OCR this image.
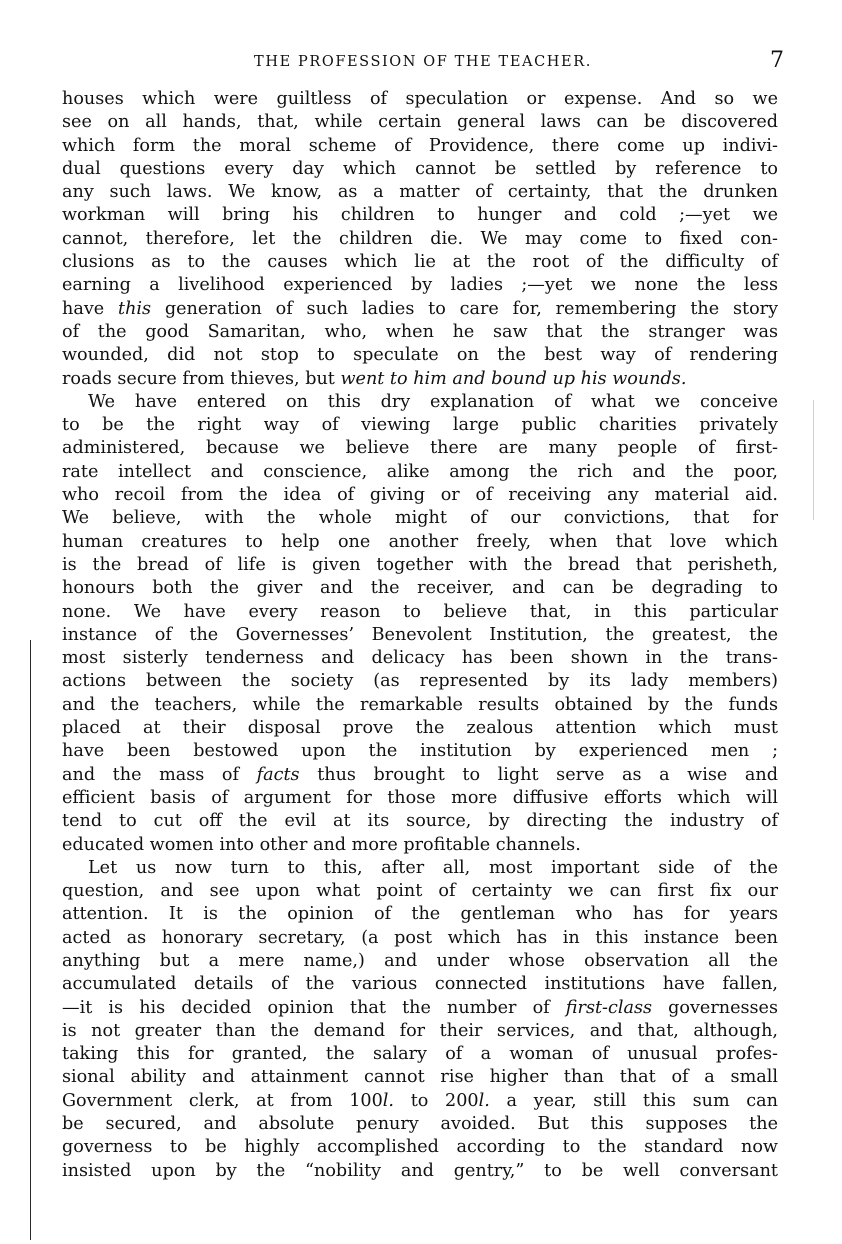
THE PROFESSION OF THE TEACHER.	7
houses which were guiltless of speculation or expense. And so we
see on all hands, that, while certain general laws can be discovered
which form the moral scheme of Providence, there come up indivi-
dual questions every day which cannot be settled by reference to
any such laws. We know, as a matter of certainty, that the drunken
workman will bring his children to hunger and cold ;—yet we
cannot, therefore, let the children die. We may come to fixed con-
clusions as to the causes which lie at the root of the difficulty of
earning a livelihood experienced by ladies ;—yet we none the less
have this generation of such ladies to care for, remembering the story
of the good Samaritan, who, when he saw that the stranger was
wounded, did not stop to speculate on the best way of rendering
roads secure from thieves, but went to him and bound up his wounds.
We have entered on this dry explanation of what we conceive
to be the right way of viewing large public charities privately
administered, because we believe there are many people of first-
rate intellect and conscience, alike among the rich and the poor,
who recoil from the idea of giving or of receiving any material aid.
We believe, with the whole might of our convictions, that for
human creatures to help one another freely, when that love which
is the bread of life is given together with the bread that perisheth,
honours both the giver and the receiver, and can be degrading to
none. We have every reason to believe that, in this particular
instance of the Governesses’ Benevolent Institution, the greatest, the
most sisterly tenderness and delicacy has been shown in the trans-
actions between the society (as represented by its lady members)
and the teachers, while the remarkable results obtained by the funds
placed at their disposal prove the zealous attention which must
have been bestowed upon the institution by experienced men ;
and the mass of facts thus brought to light serve as a wise and
efficient basis of argument for those more diffusive efforts which will
tend to cut off the evil at its source, by directing the industry of
educated women into other and more profitable channels.
Let us now turn to this, after all, most important side of the
question, and see upon what point of certainty we can first fix our
attention. It is the opinion of the gentleman who has for years
acted as honorary secretary, (a post which has in this instance been
anything but a mere name,) and under whose observation all the
accumulated details of the various connected institutions have fallen,
—it is his decided opinion that the number of first-class governesses
is not greater than the demand for their services, and that, although,
taking this for granted, the salary of a woman of unusual profes-
sional ability and attainment cannot rise higher than that of a small
Government clerk, at from 100l. to 200l. a year, still this sum can
be secured, and absolute penury avoided. But this supposes the
governess to be highly accomplished according to the standard now
insisted upon by the “nobility and gentry,” to be well conversant
